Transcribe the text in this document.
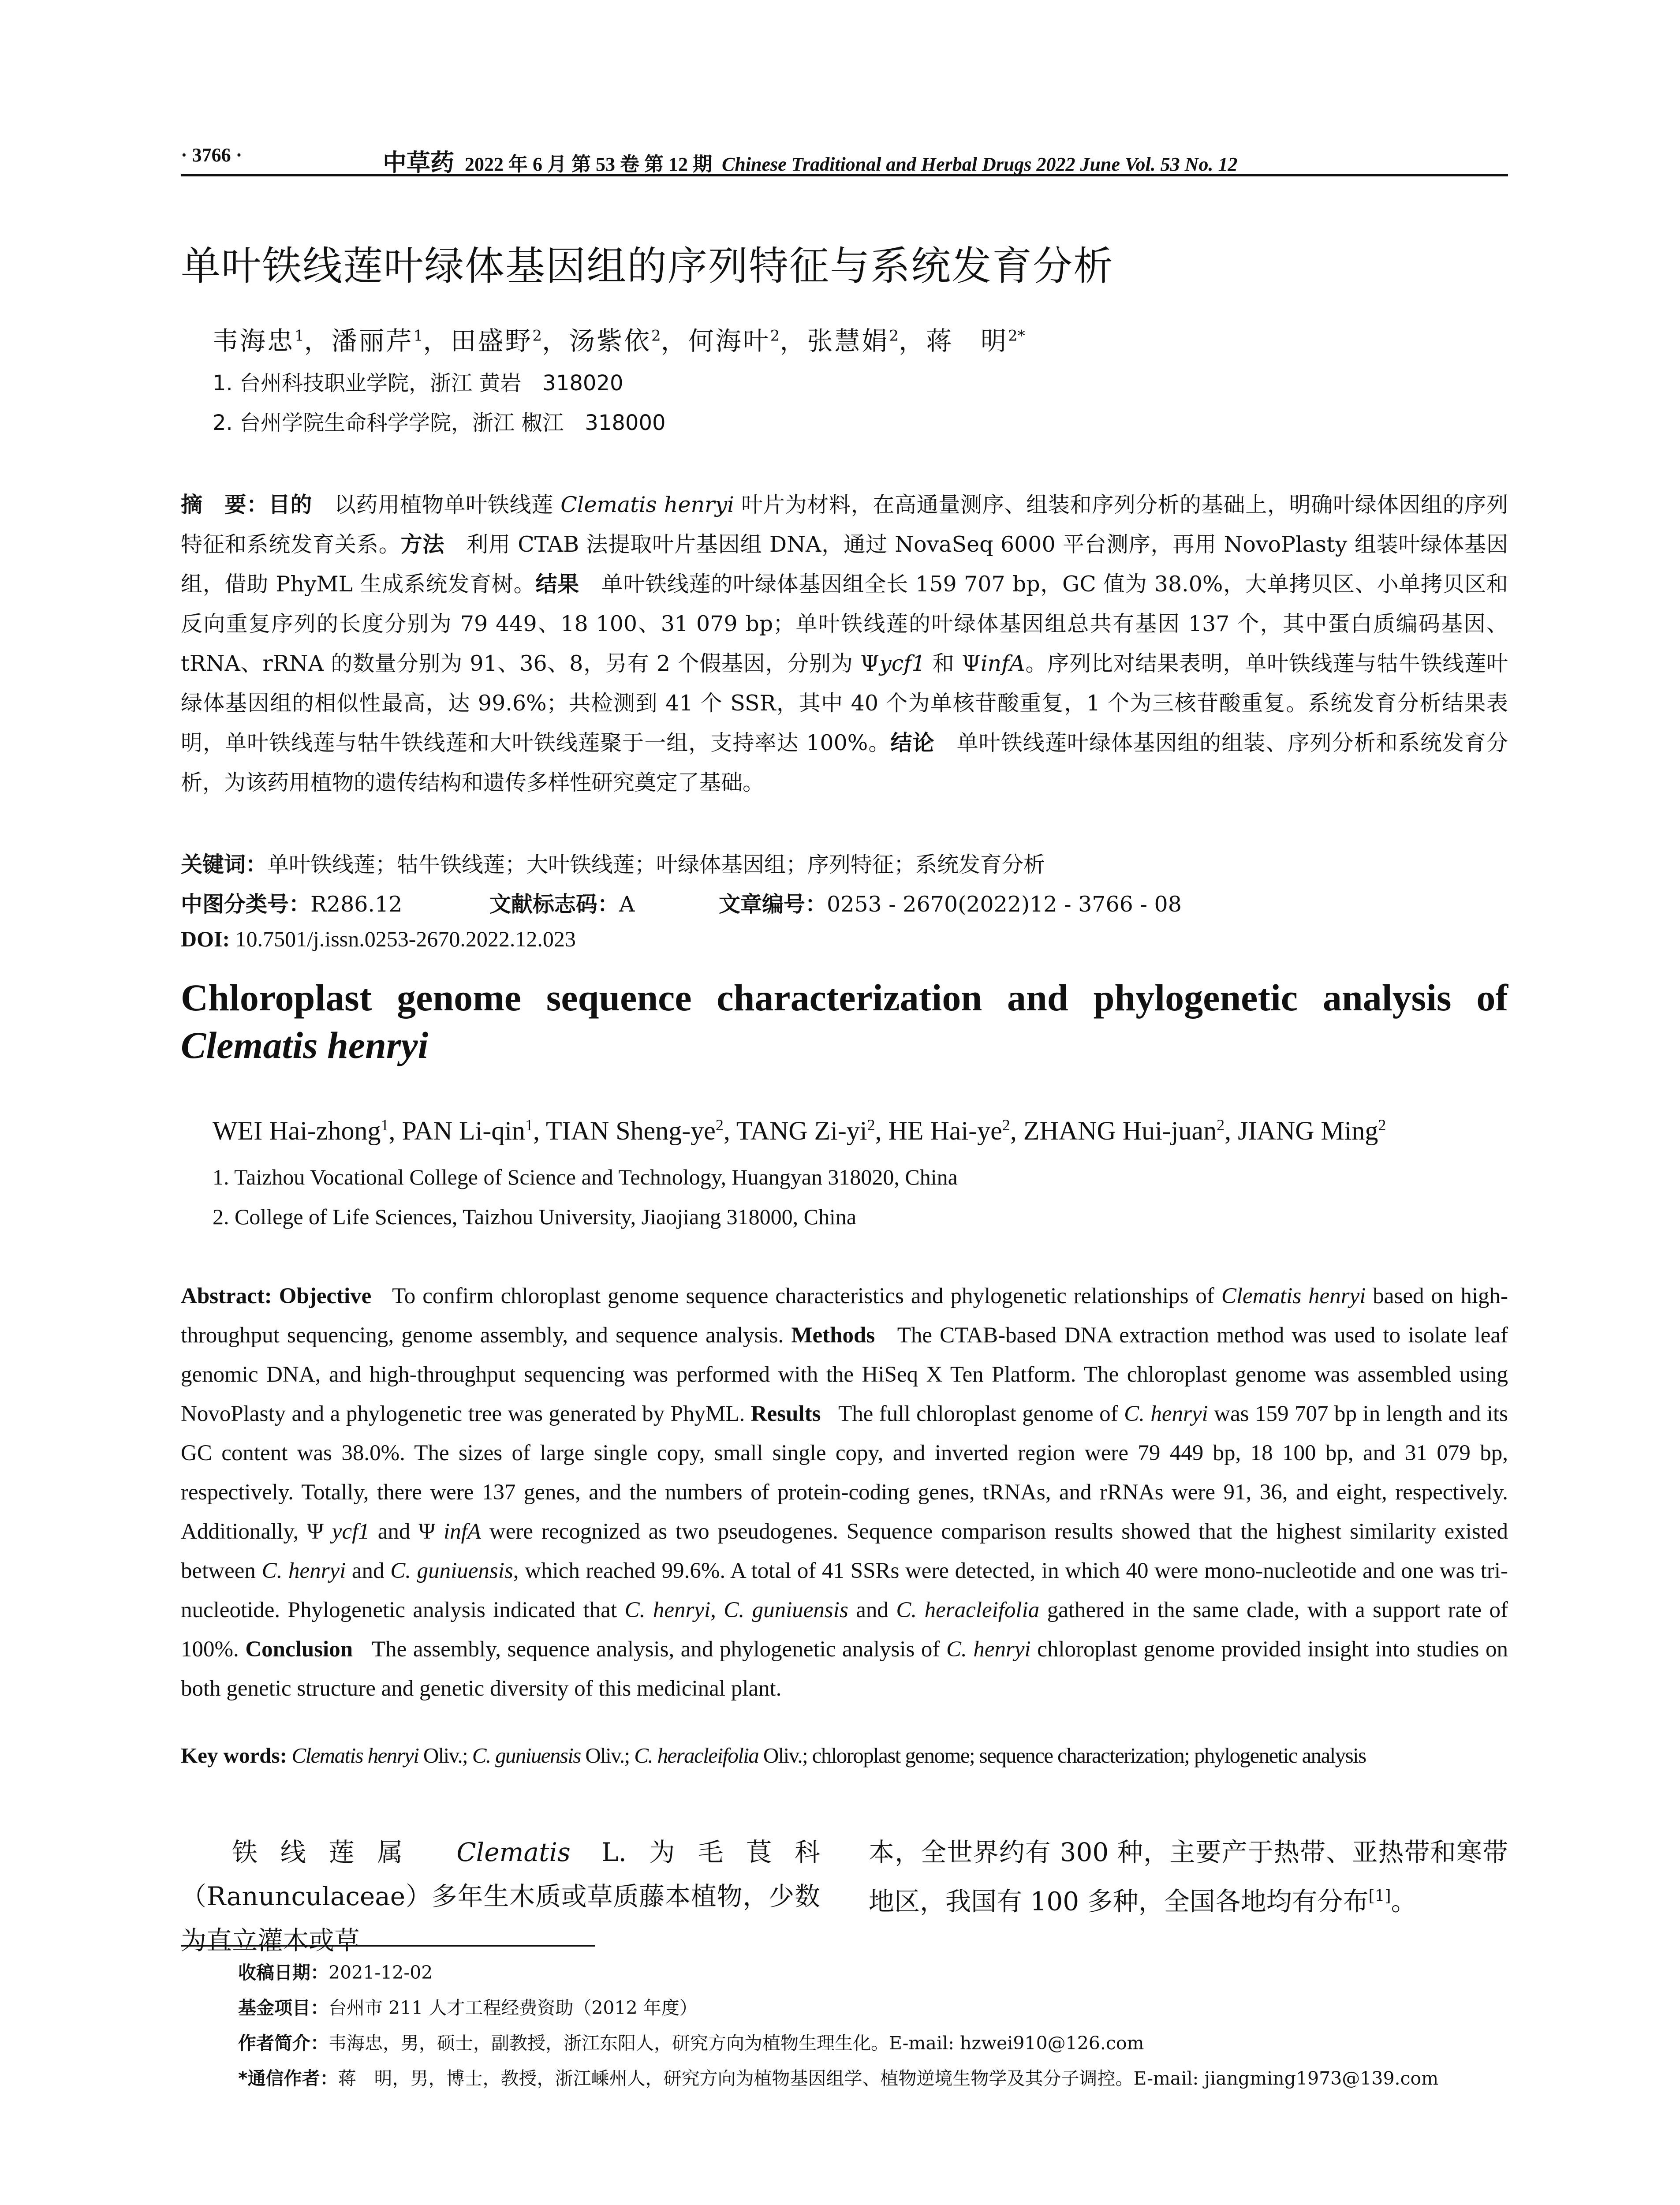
· 3766 ·	中草药 2022 年 6 月 第 53 卷 第 12 期 Chinese Traditional and Herbal Drugs 2022 June Vol. 53 No. 12
单叶铁线莲叶绿体基因组的序列特征与系统发育分析
韦海忠$^1$，潘丽芹$^1$，田盛野$^2$，汤紫依$^2$，何海叶$^2$，张慧娟$^2$，蒋　明$^{2*}$
1. 台州科技职业学院，浙江 黄岩　318020
2. 台州学院生命科学学院，浙江 椒江　318000
摘　要：目的　 以药用植物单叶铁线莲 Clematis henryi 叶片为材料，在高通量测序、组装和序列分析的基础上，明确叶绿体因组的序列特征和系统发育关系。方法　 利用 CTAB 法提取叶片基因组 DNA，通过 NovaSeq 6000 平台测序，再用 NovoPlasty 组装叶绿体基因组，借助 PhyML 生成系统发育树。结果　 单叶铁线莲的叶绿体基因组全长 159 707 bp，GC 值为 38.0%，大单拷贝区、小单拷贝区和反向重复序列的长度分别为 79 449、18 100、31 079 bp；单叶铁线莲的叶绿体基因组总共有基因 137 个，其中蛋白质编码基因、tRNA、rRNA 的数量分别为 91、36、8，另有 2 个假基因，分别为 Ψycf1 和 ΨinfA。序列比对结果表明，单叶铁线莲与牯牛铁线莲叶绿体基因组的相似性最高，达 99.6%；共检测到 41 个 SSR，其中 40 个为单核苷酸重复，1 个为三核苷酸重复。系统发育分析结果表明，单叶铁线莲与牯牛铁线莲和大叶铁线莲聚于一组，支持率达 100%。结论　 单叶铁线莲叶绿体基因组的组装、序列分析和系统发育分析，为该药用植物的遗传结构和遗传多样性研究奠定了基础。
关键词：单叶铁线莲；牯牛铁线莲；大叶铁线莲；叶绿体基因组；序列特征；系统发育分析
中图分类号：R286.12	文献标志码：A	文章编号：0253 - 2670(2022)12 - 3766 - 08
DOI: 10.7501/j.issn.0253-2670.2022.12.023
Chloroplast genome sequence characterization and phylogenetic analysis of
Clematis henryi
WEI Hai-zhong$^1$, PAN Li-qin$^1$, TIAN Sheng-$ye^2$, TANG $Zi-yi^2$, HE Hai-$ye^2$, ZHANG Hui-juan$^2$, JIANG Ming$^2$
1. Taizhou Vocational College of Science and Technology, Huangyan 318020, China
2. College of Life Sciences, Taizhou University, Jiaojiang 318000, China
Abstract: Objective To confirm chloroplast genome sequence characteristics and phylogenetic relationships of Clematis henryi based on high-throughput sequencing, genome assembly, and sequence analysis. Methods The CTAB-based DNA extraction method was used to isolate leaf genomic DNA, and high-throughput sequencing was performed with the HiSeq X Ten Platform. The chloroplast genome was assembled using NovoPlasty and a phylogenetic tree was generated by PhyML. Results The full chloroplast genome of C. henryi was 159 707 bp in length and its GC content was 38.0%. The sizes of large single copy, small single copy, and inverted region were 79 449 bp, 18 100 bp, and 31 079 bp, respectively. Totally, there were 137 genes, and the numbers of protein-coding genes, tRNAs, and rRNAs were 91, 36, and eight, respectively. Additionally, Ψ ycf1 and Ψ infA were recognized as two pseudogenes. Sequence comparison results showed that the highest similarity existed between C. henryi and C. guniuensis, which reached 99.6%. A total of 41 SSRs were detected, in which 40 were mono-nucleotide and one was tri-nucleotide. Phylogenetic analysis indicated that C. henryi, C. guniuensis and C. heracleifolia gathered in the same clade, with a support rate of 100%. Conclusion The assembly, sequence analysis, and phylogenetic analysis of C. henryi chloroplast genome provided insight into studies on both genetic structure and genetic diversity of this medicinal plant.
Key words: Clematis henryi Oliv.; C. guniuensis Oliv.; C. heracleifolia Oliv.; chloroplast genome; sequence characterization; phylogenetic analysis
铁线莲属 Clematis L.为毛茛科（Ranunculaceae）多年生木质或草质藤本植物，少数为直立灌木或草
本，全世界约有 300 种，主要产于热带、亚热带和寒带地区，我国有 100 多种，全国各地均有分布[1]。
收稿日期：2021-12-02
基金项目：台州市 211 人才工程经费资助（2012 年度）
作者简介：韦海忠，男，硕士，副教授，浙江东阳人，研究方向为植物生理生化。E-mail: hzwei910@126.com
*通信作者：蒋　明，男，博士，教授，浙江嵊州人，研究方向为植物基因组学、植物逆境生物学及其分子调控。E-mail: jiangming1973@139.com
